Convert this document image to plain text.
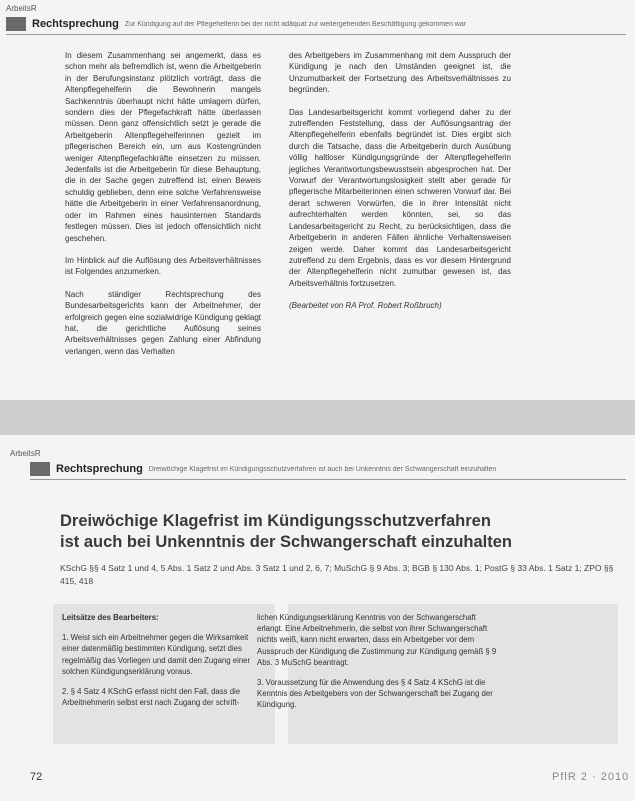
ArbeitsR
Rechtsprechung Zur Kündigung auf der Pflegehelferin bei der nicht adäquat zur weitergehenden Beschäftigung gekommen war

In diesem Zusammenhang sei angemerkt, dass es schon mehr als befremdlich ist, wenn die Arbeitgeberin in der Berufungsinstanz plötzlich vorträgt, dass die Altenpflegehelferin die Bewohnerin mangels Sachkenntnis überhaupt nicht hätte umlagern dürfen, sondern dies der Pflegefachkraft hätte überlassen müssen. Denn ganz offensichtlich setzt je gerade die Arbeitgeberin Altenpflegehelferinnen gezielt im pflegerischen Bereich ein, um aus Kostengründen weniger Altenpflegefachkräfte einsetzen zu müssen. Jedenfalls ist die Arbeitgeberin für diese Behauptung, die in der Sache gegen zutreffend ist, einen Beweis schuldig geblieben, denn eine solche Verfahrensweise hätte die Arbeitgeberin in einer Verfahrensanordnung, oder im Rahmen eines hausinternen Standards festlegen müssen. Dies ist jedoch offensichtlich nicht geschehen.

Im Hinblick auf die Auflösung des Arbeitsverhältnisses ist Folgendes anzumerken.

Nach ständiger Rechtsprechung des Bundesarbeitsgerichts kann der Arbeitnehmer, der erfolgreich gegen eine sozialwidrige Kündigung geklagt hat, die gerichtliche Auflösung seines Arbeitsverhältnisses gegen Zahlung einer Abfindung verlangen, wenn das Verhalten

des Arbeitgebers im Zusammenhang mit dem Ausspruch der Kündigung je nach den Umständen geeignet ist, die Unzumutbarkeit der Fortsetzung des Arbeitsverhältnisses zu begründen.

Das Landesarbeitsgericht kommt vorliegend daher zu der zutreffenden Feststellung, dass der Auflösungsantrag der Altenpflegehelferin ebenfalls begründet ist. Dies ergibt sich durch die Tatsache, dass die Arbeitgeberin durch Ausübung völlig haltloser Kündigungsgründe der Altenpflegehelferin jegliches Verantwortungsbewusstsein abgesprochen hat. Der Vorwurf der Verantwortungslosigkeit stellt aber gerade für pflegerische Mitarbeiterinnen einen schweren Vorwurf dar. Bei derart schweren Vorwürfen, die in ihrer Intensität nicht aufrechterhalten werden könnten, sei, so das Landesarbeitsgericht zu Recht, zu berücksichtigen, dass die Arbeitgeberin in anderen Fällen ähnliche Verhaltensweisen zeigen werde. Daher kommt das Landesarbeitsgericht zutreffend zu dem Ergebnis, dass es vor diesem Hintergrund der Altenpflegehelferin nicht zumutbar gewesen ist, das Arbeitsverhältnis fortzusetzen.

(Bearbeitet von RA Prof. Robert Roßbruch)

ArbeitsR
Rechtsprechung Dreiwöchige Klagefrist im Kündigungsschutzverfahren ist auch bei Unkenntnis der Schwangerschaft einzuhalten
Dreiwöchige Klagefrist im Kündigungsschutzverfahren
ist auch bei Unkenntnis der Schwangerschaft einzuhalten
KSchG §§ 4 Satz 1 und 4, 5 Abs. 1 Satz 2 und Abs. 3 Satz 1 und 2, 6, 7; MuSchG § 9 Abs. 3; BGB § 130 Abs. 1; PostG § 33 Abs. 1 Satz 1; ZPO §§ 415, 418

Leitsätze des Bearbeiters:

1. Weist sich ein Arbeitnehmer gegen die Wirksamkeit einer datenmäßig bestimmten Kündigung, setzt dies regelmäßig das Vorliegen und damit den Zugang einer solchen Kündigungserklärung voraus.

2. § 4 Satz 4 KSchG erfasst nicht den Fall, dass die Arbeitnehmerin selbst erst nach Zugang der schrift-

lichen Kündigungserklärung Kenntnis von der Schwangerschaft erlangt. Eine Arbeitnehmerin, die selbst von ihrer Schwangerschaft nichts weiß, kann nicht erwarten, dass ein Arbeitgeber vor dem Ausspruch der Kündigung die Zustimmung zur Kündigung gemäß § 9 Abs. 3 MuSchG beantragt.

3. Voraussetzung für die Anwendung des § 4 Satz 4 KSchG ist die Kenntnis des Arbeitgebers von der Schwangerschaft bei Zugang der Kündigung.

72	PflR 2 · 2010
